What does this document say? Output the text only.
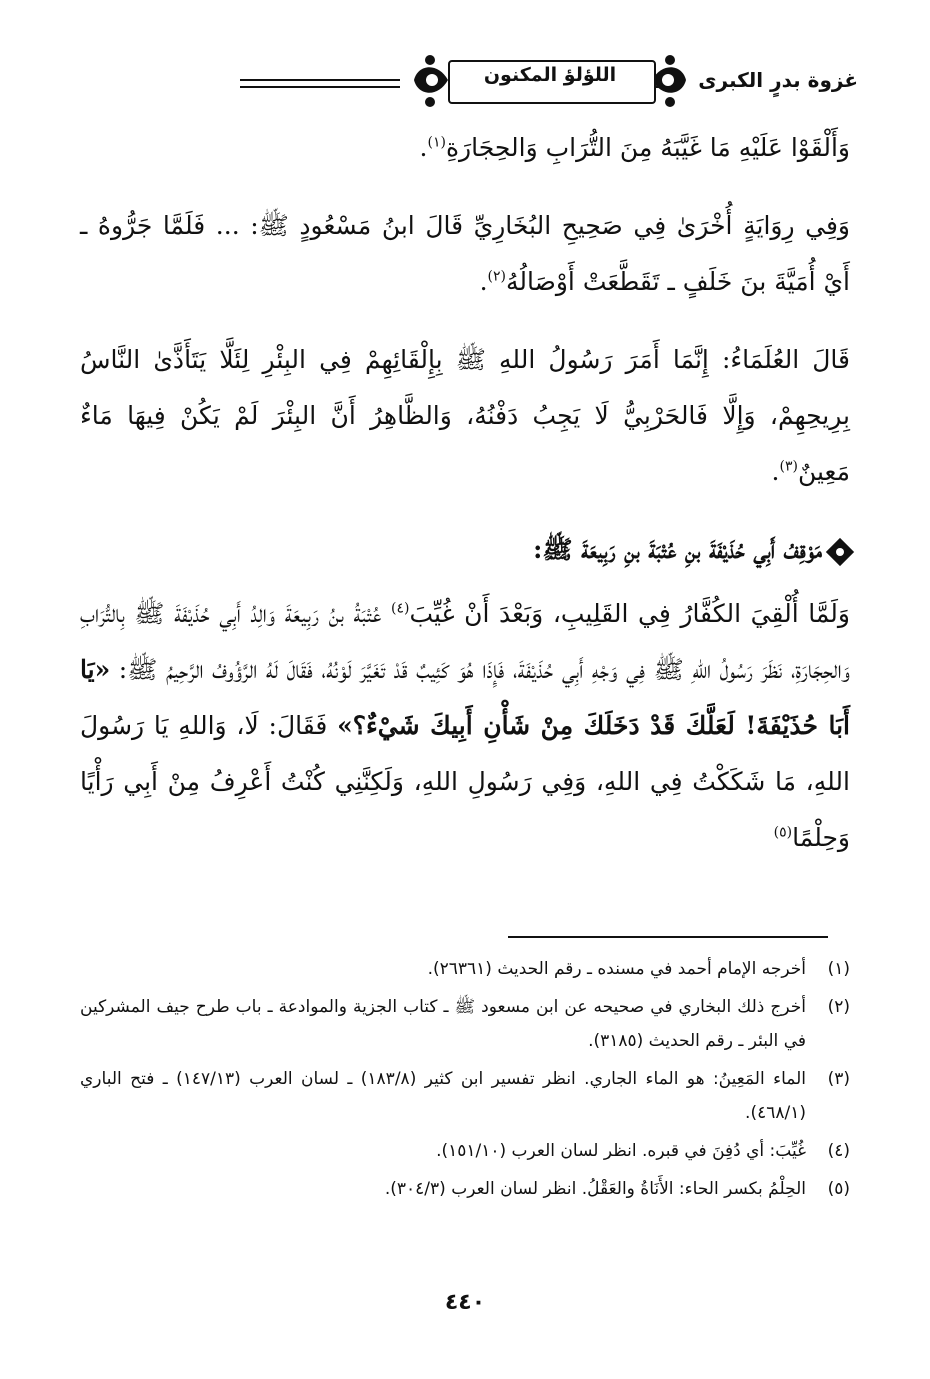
غزوة بدرٍ الكبرى
اللؤلؤ المكنون

وَأَلْقَوْا عَلَيْهِ مَا غَيَّبَهُ مِنَ التُّرَابِ وَالحِجَارَةِ$^{(١)}$.

وَفِي رِوَايَةٍ أُخْرَىٰ فِي صَحِيحِ البُخَارِيِّ قَالَ ابنُ مَسْعُودٍ ﷺ: ... فَلَمَّا جَرُّوهُ ـ أَيْ أُمَيَّةَ بنَ خَلَفٍ ـ تَقَطَّعَتْ أَوْصَالُهُ$^{(٢)}$.

قَالَ العُلَمَاءُ: إِنَّمَا أَمَرَ رَسُولُ اللهِ ﷺ بِإِلْقَائِهِمْ فِي البِئْرِ لِئَلَّا يَتَأَذَّىٰ النَّاسُ بِرِيحِهِمْ، وَإِلَّا فَالحَرْبِيُّ لَا يَجِبُ دَفْنُهُ، وَالظَّاهِرُ أَنَّ البِئْرَ لَمْ يَكُنْ فِيهَا مَاءٌ مَعِينٌ$^{(٣)}$.

مَوْقِفُ أَبِي حُذَيْفَةَ بنِ عُتْبَةَ بنِ رَبِيعَةَ ﷺ:

وَلَمَّا أُلْقِيَ الكُفَّارُ فِي القَلِيبِ، وَبَعْدَ أَنْ غُيِّبَ$^{(٤)}$ عُتْبَةُ بنُ رَبِيعَةَ وَالِدُ أَبِي حُذَيْفَةَ ﷺ بِالتُّرَابِ وَالحِجَارَةِ، نَظَرَ رَسُولُ اللهِ ﷺ فِي وَجْهِ أَبِي حُذَيْفَةَ، فَإِذَا هُوَ كَئِيبٌ قَدْ تَغَيَّرَ لَوْنُهُ، فَقَالَ لَهُ الرَّؤُوفُ الرَّحِيمُ ﷺ: «يَا أَبَا حُذَيْفَةَ! لَعَلَّكَ قَدْ دَخَلَكَ مِنْ شَأْنِ أَبِيكَ شَيْءٌ؟» فَقَالَ: لَا، وَاللهِ يَا رَسُولَ اللهِ، مَا شَكَكْتُ فِي اللهِ، وَفِي رَسُولِ اللهِ، وَلَكِنَّنِي كُنْتُ أَعْرِفُ مِنْ أَبِي رَأْيًا وَحِلْمًا$^{(٥)}$

(١)
أخرجه الإمام أحمد في مسنده ـ رقم الحديث (٢٦٣٦١).
(٢)
أخرج ذلك البخاري في صحيحه عن ابن مسعود ﷺ ـ كتاب الجزية والموادعة ـ باب طرح جيف المشركين في البئر ـ رقم الحديث (٣١٨٥).
(٣)
الماء المَعِينُ: هو الماء الجاري. انظر تفسير ابن كثير (١٨٣/٨) ـ لسان العرب (١٤٧/١٣) ـ فتح الباري (٤٦٨/١).
(٤)
غُيِّبَ: أي دُفِنَ في قبره. انظر لسان العرب (١٥١/١٠).
(٥)
الحِلْمُ بكسر الحاء: الأَنَاةُ والعَقْلُ. انظر لسان العرب (٣٠٤/٣).
٤٤٠
